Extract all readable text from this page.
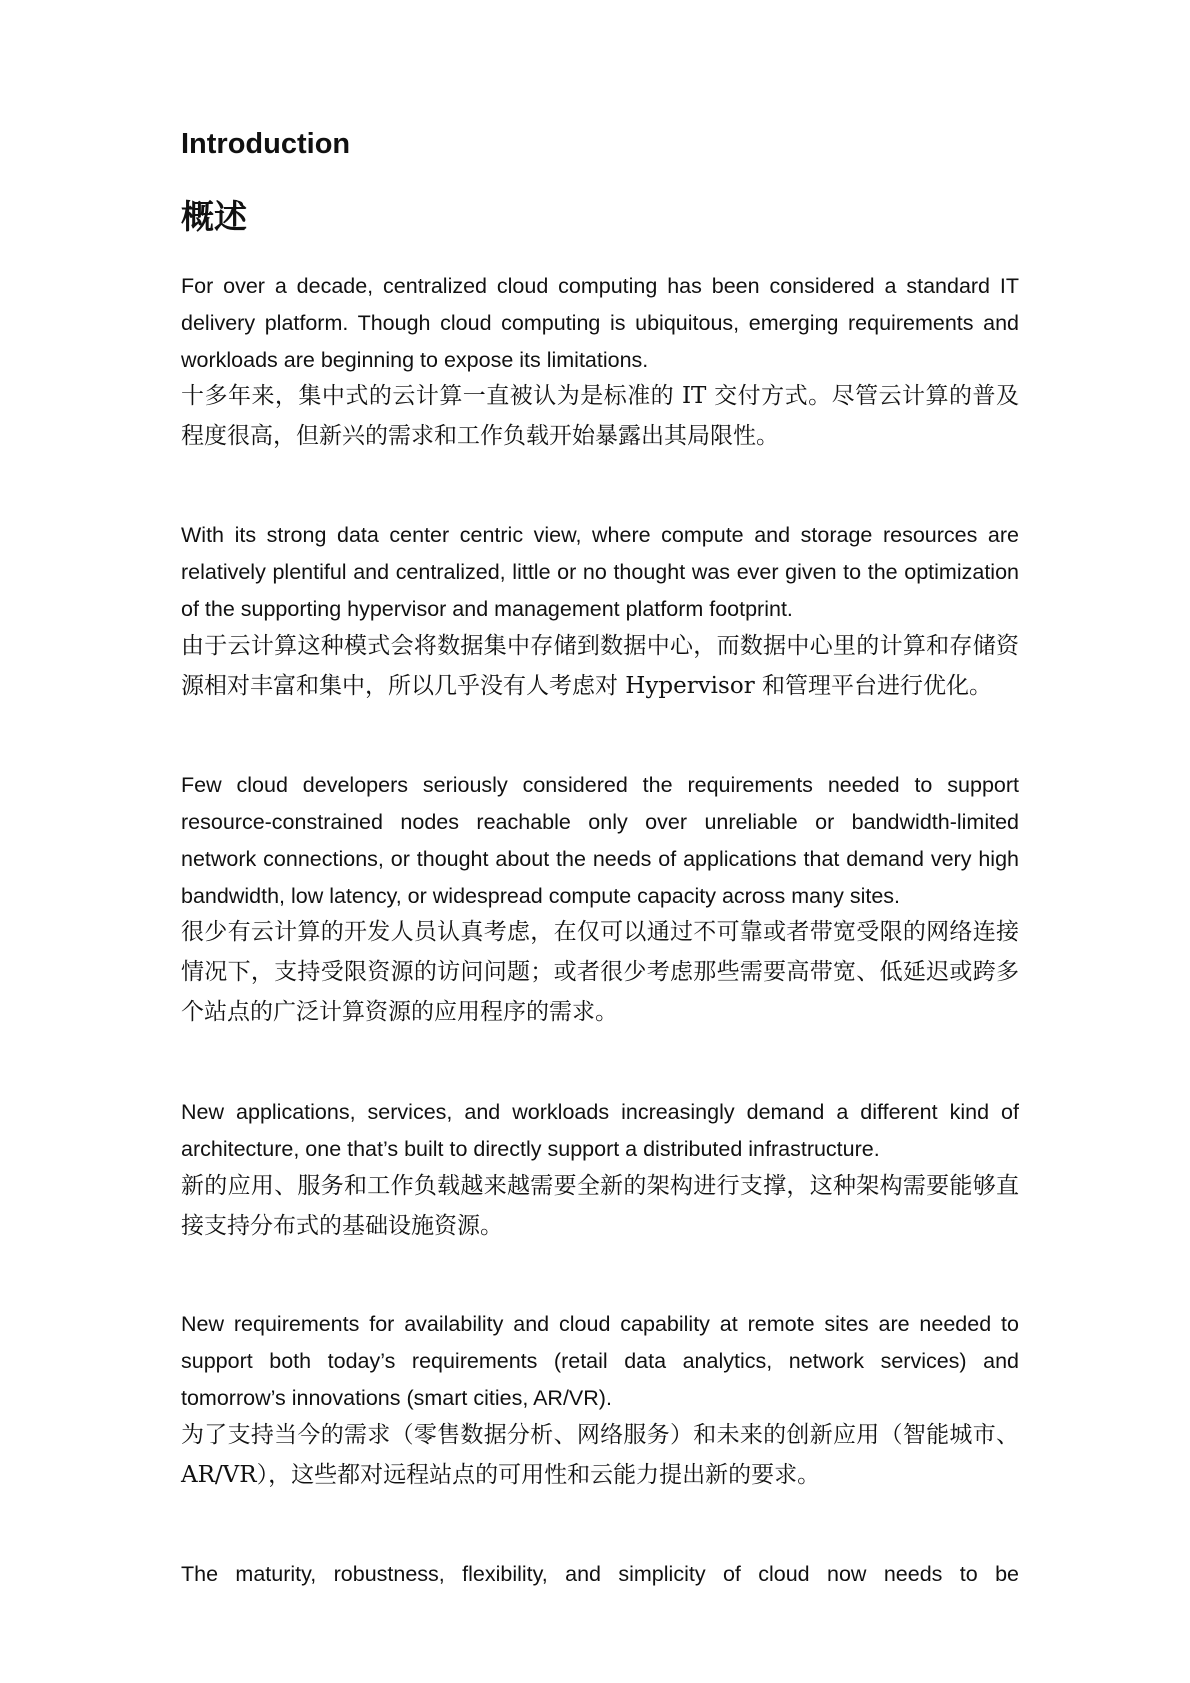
Introduction
概述

For over a decade, centralized cloud computing has been considered a standard IT delivery platform. Though cloud computing is ubiquitous, emerging requirements and workloads are beginning to expose its limitations.

十多年来，集中式的云计算一直被认为是标准的 IT 交付方式。尽管云计算的普及程度很高，但新兴的需求和工作负载开始暴露出其局限性。

With its strong data center centric view, where compute and storage resources are relatively plentiful and centralized, little or no thought was ever given to the optimization of the supporting hypervisor and management platform footprint.

由于云计算这种模式会将数据集中存储到数据中心，而数据中心里的计算和存储资源相对丰富和集中，所以几乎没有人考虑对 Hypervisor 和管理平台进行优化。

Few cloud developers seriously considered the requirements needed to support resource-constrained nodes reachable only over unreliable or bandwidth-limited network connections, or thought about the needs of applications that demand very high bandwidth, low latency, or widespread compute capacity across many sites.

很少有云计算的开发人员认真考虑，在仅可以通过不可靠或者带宽受限的网络连接情况下，支持受限资源的访问问题；或者很少考虑那些需要高带宽、低延迟或跨多个站点的广泛计算资源的应用程序的需求。

New applications, services, and workloads increasingly demand a different kind of architecture, one that’s built to directly support a distributed infrastructure.

新的应用、服务和工作负载越来越需要全新的架构进行支撑，这种架构需要能够直接支持分布式的基础设施资源。

New requirements for availability and cloud capability at remote sites are needed to support both today’s requirements (retail data analytics, network services) and tomorrow’s innovations (smart cities, AR/VR).

为了支持当今的需求（零售数据分析、网络服务）和未来的创新应用（智能城市、AR/VR），这些都对远程站点的可用性和云能力提出新的要求。

The maturity, robustness, flexibility, and simplicity of cloud now needs to be
